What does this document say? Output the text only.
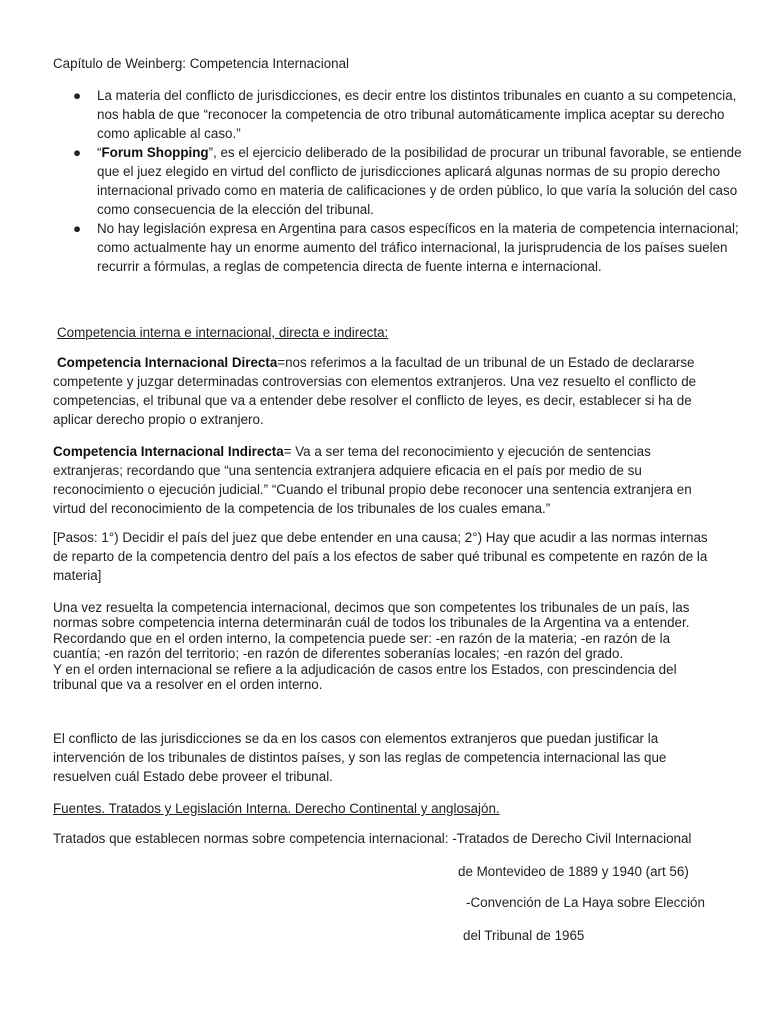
Capítulo de Weinberg: Competencia Internacional

● La materia del conflicto de jurisdicciones, es decir entre los distintos tribunales en cuanto a su competencia, nos habla de que “reconocer la competencia de otro tribunal automáticamente implica aceptar su derecho como aplicable al caso.”
● “Forum Shopping”, es el ejercicio deliberado de la posibilidad de procurar un tribunal favorable, se entiende que el juez elegido en virtud del conflicto de jurisdicciones aplicará algunas normas de su propio derecho internacional privado como en materia de calificaciones y de orden público, lo que varía la solución del caso como consecuencia de la elección del tribunal.
● No hay legislación expresa en Argentina para casos específicos en la materia de competencia internacional; como actualmente hay un enorme aumento del tráfico internacional, la jurisprudencia de los países suelen recurrir a fórmulas, a reglas de competencia directa de fuente interna e internacional.

Competencia interna e internacional, directa e indirecta:

Competencia Internacional Directa=nos referimos a la facultad de un tribunal de un Estado de declararse competente y juzgar determinadas controversias con elementos extranjeros. Una vez resuelto el conflicto de competencias, el tribunal que va a entender debe resolver el conflicto de leyes, es decir, establecer si ha de aplicar derecho propio o extranjero.

Competencia Internacional Indirecta= Va a ser tema del reconocimiento y ejecución de sentencias extranjeras; recordando que “una sentencia extranjera adquiere eficacia en el país por medio de su reconocimiento o ejecución judicial.” “Cuando el tribunal propio debe reconocer una sentencia extranjera en virtud del reconocimiento de la competencia de los tribunales de los cuales emana.”

[Pasos: 1°) Decidir el país del juez que debe entender en una causa; 2°) Hay que acudir a las normas internas de reparto de la competencia dentro del país a los efectos de saber qué tribunal es competente en razón de la materia]

Una vez resuelta la competencia internacional, decimos que son competentes los tribunales de un país, las normas sobre competencia interna determinarán cuál de todos los tribunales de la Argentina va a entender.
Recordando que en el orden interno, la competencia puede ser: -en razón de la materia; -en razón de la cuantía; -en razón del territorio; -en razón de diferentes soberanías locales; -en razón del grado.
Y en el orden internacional se refiere a la adjudicación de casos entre los Estados, con prescindencia del tribunal que va a resolver en el orden interno.

El conflicto de las jurisdicciones se da en los casos con elementos extranjeros que puedan justificar la intervención de los tribunales de distintos países, y son las reglas de competencia internacional las que resuelven cuál Estado debe proveer el tribunal.

Fuentes. Tratados y Legislación Interna. Derecho Continental y anglosajón.

Tratados que establecen normas sobre competencia internacional: -Tratados de Derecho Civil Internacional

de Montevideo de 1889 y 1940 (art 56)

-Convención de La Haya sobre Elección

del Tribunal de 1965
